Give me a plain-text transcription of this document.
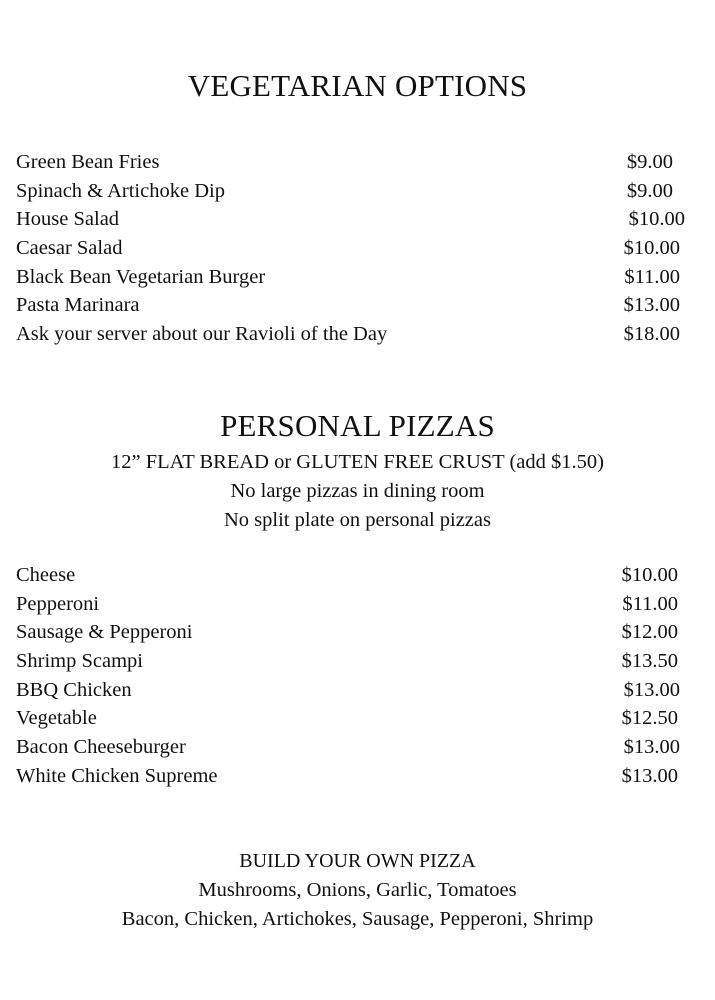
VEGETARIAN OPTIONS
Green Bean Fries	$9.00
Spinach & Artichoke Dip	$9.00
House Salad	$10.00
Caesar Salad	$10.00
Black Bean Vegetarian Burger	$11.00
Pasta Marinara	$13.00
Ask your server about our Ravioli of the Day	$18.00
PERSONAL PIZZAS
12” FLAT BREAD or GLUTEN FREE CRUST (add $1.50)
No large pizzas in dining room
No split plate on personal pizzas
Cheese	$10.00
Pepperoni	$11.00
Sausage & Pepperoni	$12.00
Shrimp Scampi	$13.50
BBQ Chicken	$13.00
Vegetable	$12.50
Bacon Cheeseburger	$13.00
White Chicken Supreme	$13.00
BUILD YOUR OWN PIZZA
Mushrooms, Onions, Garlic, Tomatoes
Bacon, Chicken, Artichokes, Sausage, Pepperoni, Shrimp
